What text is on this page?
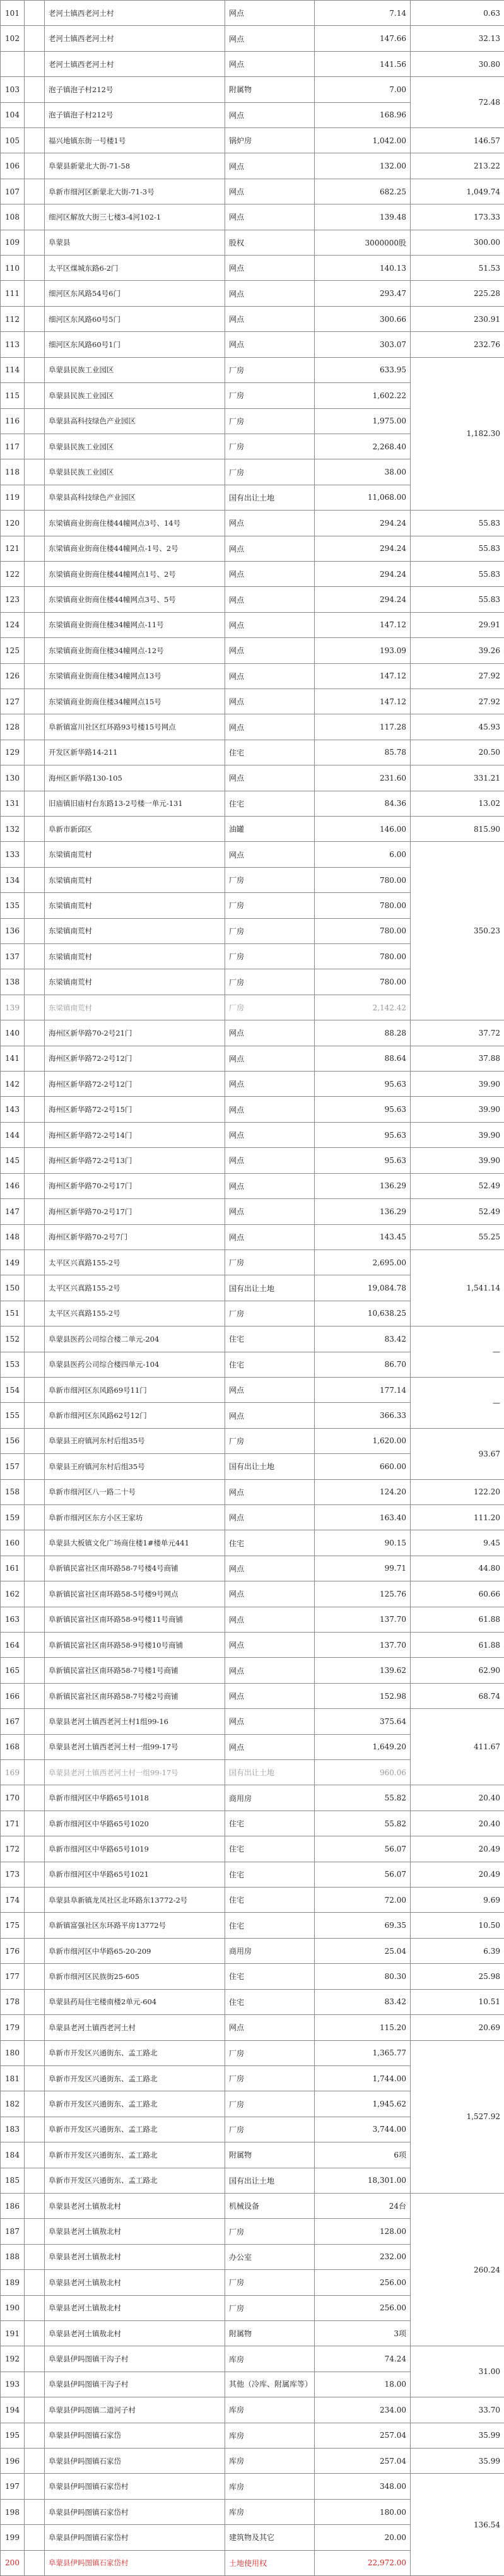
101		老河土镇西老河土村	网点	7.14	0.63
102		老河土镇西老河土村	网点	147.66	32.13
		老河土镇西老河土村	网点	141.56	30.80
103		泡子镇泡子村212号	附属物	7.00	72.48
104		泡子镇泡子村212号	网点	168.96	
105		福兴地镇东街一号楼1号	锅炉房	1,042.00	146.57
106		阜蒙县新蒙北大街-71-58	网点	132.00	213.22
107		阜新市细河区新蒙北大街-71-3号	网点	682.25	1,049.74
108		细河区解放大街三七楼3-4河102-1	网点	139.48	173.33
109		阜蒙县	股权	3000000股	300.00
110		太平区煤城东路6-2门	网点	140.13	51.53
111		细河区东风路54号6门	网点	293.47	225.28
112		细河区东风路60号5门	网点	300.66	230.91
113		细河区东风路60号1门	网点	303.07	232.76
114		阜蒙县民族工业园区	厂房	633.95	1,182.30
115		阜蒙县民族工业园区	厂房	1,602.22	
116		阜蒙县高科技绿色产业园区	厂房	1,975.00	
117		阜蒙县民族工业园区	厂房	2,268.40	
118		阜蒙县民族工业园区	厂房	38.00	
119		阜蒙县高科技绿色产业园区	国有出让土地	11,068.00	
120		东梁镇商业街商住楼44幢网点3号、14号	网点	294.24	55.83
121		东梁镇商业街商住楼44幢网点-1号、2号	网点	294.24	55.83
122		东梁镇商业街商住楼44幢网点1号、2号	网点	294.24	55.83
123		东梁镇商业街商住楼44幢网点3号、5号	网点	294.24	55.83
124		东梁镇商业街商住楼34幢网点-11号	网点	147.12	29.91
125		东梁镇商业街商住楼34幢网点-12号	网点	193.09	39.26
126		东梁镇商业街商住楼34幢网点13号	网点	147.12	27.92
127		东梁镇商业街商住楼34幢网点15号	网点	147.12	27.92
128		阜新镇富川社区红环路93号楼15号网点	网点	117.28	45.93
129		开发区新华路14-211	住宅	85.78	20.50
130		海州区新华路130-105	网点	231.60	331.21
131		旧庙镇旧庙村台东路13-2号楼一单元-131	住宅	84.36	13.02
132		阜新市新邱区	油罐	146.00	815.90
133		东梁镇南荒村	网点	6.00	350.23
134		东梁镇南荒村	厂房	780.00	
135		东梁镇南荒村	厂房	780.00	
136		东梁镇南荒村	厂房	780.00	
137		东梁镇南荒村	厂房	780.00	
138		东梁镇南荒村	厂房	780.00	
139		东梁镇南荒村	厂房	2,142.42	
140		海州区新华路70-2号21门	网点	88.28	37.72
141		海州区新华路72-2号12门	网点	88.64	37.88
142		海州区新华路72-2号12门	网点	95.63	39.90
143		海州区新华路72-2号15门	网点	95.63	39.90
144		海州区新华路72-2号14门	网点	95.63	39.90
145		海州区新华路72-2号13门	网点	95.63	39.90
146		海州区新华路70-2号17门	网点	136.29	52.49
147		海州区新华路70-2号17门	网点	136.29	52.49
148		海州区新华路70-2号7门	网点	143.45	55.25
149		太平区兴真路155-2号	厂房	2,695.00	1,541.14
150		太平区兴真路155-2号	国有出让土地	19,084.78	
151		太平区兴真路155-2号	厂房	10,638.25	
152		阜蒙县医药公司综合楼二单元-204	住宅	83.42	—
153		阜蒙县医药公司综合楼四单元-104	住宅	86.70	
154		阜新市细河区东风路69号11门	网点	177.14	—
155		阜新市细河区东风路62号12门	网点	366.33	
156		阜蒙县王府镇河东村后组35号	厂房	1,620.00	93.67
157		阜蒙县王府镇河东村后组35号	国有出让土地	660.00	
158		阜新市细河区八一路二十号	网点	124.20	122.20
159		阜新市细河区东方小区王家坊	网点	163.40	111.20
160		阜蒙县大板镇文化广场商住楼1#楼单元441	住宅	90.15	9.45
161		阜新镇民富社区南环路58-7号楼4号商铺	网点	99.71	44.80
162		阜新镇民富社区南环路58-5号楼9号网点	网点	125.76	60.66
163		阜新镇民富社区南环路58-9号楼11号商铺	网点	137.70	61.88
164		阜新镇民富社区南环路58-9号楼10号商铺	网点	137.70	61.88
165		阜新镇民富社区南环路58-7号楼1号商铺	网点	139.62	62.90
166		阜新镇民富社区南环路58-7号楼2号商铺	网点	152.98	68.74
167		阜蒙县老河土镇西老河土村1组99-16	网点	375.64	411.67
168		阜蒙县老河土镇西老河土村一组99-17号	网点	1,649.20	
169		阜蒙县老河土镇西老河土村一组99-17号	国有出让土地	960.06	
170		阜新市细河区中华路65号1018	商用房	55.82	20.40
171		阜新市细河区中华路65号1020	住宅	55.82	20.40
172		阜新市细河区中华路65号1019	住宅	56.07	20.49
173		阜新市细河区中华路65号1021	住宅	56.07	20.49
174		阜蒙县阜新镇龙凤社区北环路东13772-2号	住宅	72.00	9.69
175		阜新镇富强社区东环路平房13772号	住宅	69.35	10.50
176		阜新市细河区中华路65-20-209	商用房	25.04	6.39
177		阜新市细河区民族街25-605	住宅	80.30	25.98
178		阜蒙县药局住宅楼南楼2单元-604	住宅	83.42	10.51
179		阜蒙县老河土镇西老河土村	网点	115.20	20.69
180		阜新市开发区兴通街东、孟工路北	厂房	1,365.77	1,527.92
181		阜新市开发区兴通街东、孟工路北	厂房	1,744.00	
182		阜新市开发区兴通街东、孟工路北	厂房	1,945.62	
183		阜新市开发区兴通街东、孟工路北	厂房	3,744.00	
184		阜新市开发区兴通街东、孟工路北	附属物	6项	
185		阜新市开发区兴通街东、孟工路北	国有出让土地	18,301.00	
186		阜蒙县老河土镇敖北村	机械设备	24台	260.24
187		阜蒙县老河土镇敖北村	厂房	128.00	
188		阜蒙县老河土镇敖北村	办公室	232.00	
189		阜蒙县老河土镇敖北村	厂房	256.00	
190		阜蒙县老河土镇敖北村	厂房	256.00	
191		阜蒙县老河土镇敖北村	附属物	3项	
192		阜蒙县伊吗图镇干沟子村	库房	74.24	31.00
193		阜蒙县伊吗图镇干沟子村	其他（冷库、附属库等）	18.00	
194		阜蒙县伊吗图镇二道河子村	库房	234.00	33.70
195		阜蒙县伊吗图镇石家岱	库房	257.04	35.99
196		阜蒙县伊吗图镇石家岱	库房	257.04	35.99
197		阜蒙县伊吗图镇石家岱村	库房	348.00	136.54
198		阜蒙县伊吗图镇石家岱村	库房	180.00	
199		阜蒙县伊吗图镇石家岱村	建筑物及其它	20.00	
200		阜蒙县伊吗图镇石家岱村	土地使用权	22,972.00	
